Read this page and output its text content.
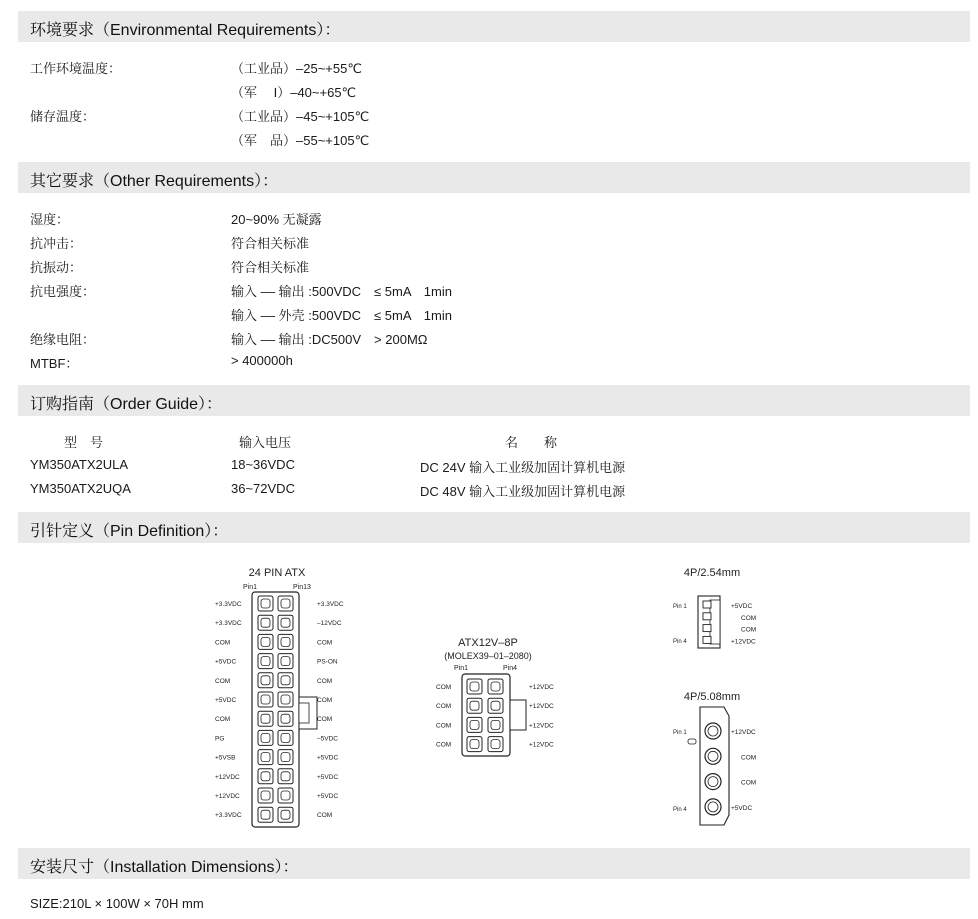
环境要求（Environmental Requirements）：
工作环境温度：	（工业品）–25~+55℃
（军　 I）–40~+65℃
储存温度：	（工业品）–45~+105℃
（军　品）–55~+105℃
其它要求（Other Requirements）：
湿度：	20~90% 无凝露
抗冲击：	符合相关标准
抗振动：	符合相关标准
抗电强度：	输入 –– 输出 :500VDC　≤ 5mA　1min
输入 –– 外壳 :500VDC　≤ 5mA　1min
绝缘电阻：	输入 –– 输出 :DC500V　> 200MΩ
MTBF：	> 400000h
订购指南（Order Guide）：
型　号	输入电压	名　　称
YM350ATX2ULA	18~36VDC	DC 24V 输入工业级加固计算机电源
YM350ATX2UQA	36~72VDC	DC 48V 输入工业级加固计算机电源
引针定义（Pin Definition）：
24 PIN ATX
Pin1	Pin13
+3.3VDC
+3.3VDC
COM
+5VDC
COM
+5VDC
COM
PG
+5VSB
+12VDC
+12VDC
+3.3VDC
+3.3VDC
–12VDC
COM
PS-ON
COM
COM
COM
–5VDC
+5VDC
+5VDC
+5VDC
COM
ATX12V–8P
(MOLEX39–01–2080)
Pin1	Pin4
COM
COM
COM
COM
+12VDC
+12VDC
+12VDC
+12VDC
4P/2.54mm
Pin 1
Pin 4
+5VDC
COM
COM
+12VDC
4P/5.08mm
Pin 1
Pin 4
+12VDC
COM
COM
+5VDC
安装尺寸（Installation Dimensions）：
SIZE:210L × 100W × 70H mm
